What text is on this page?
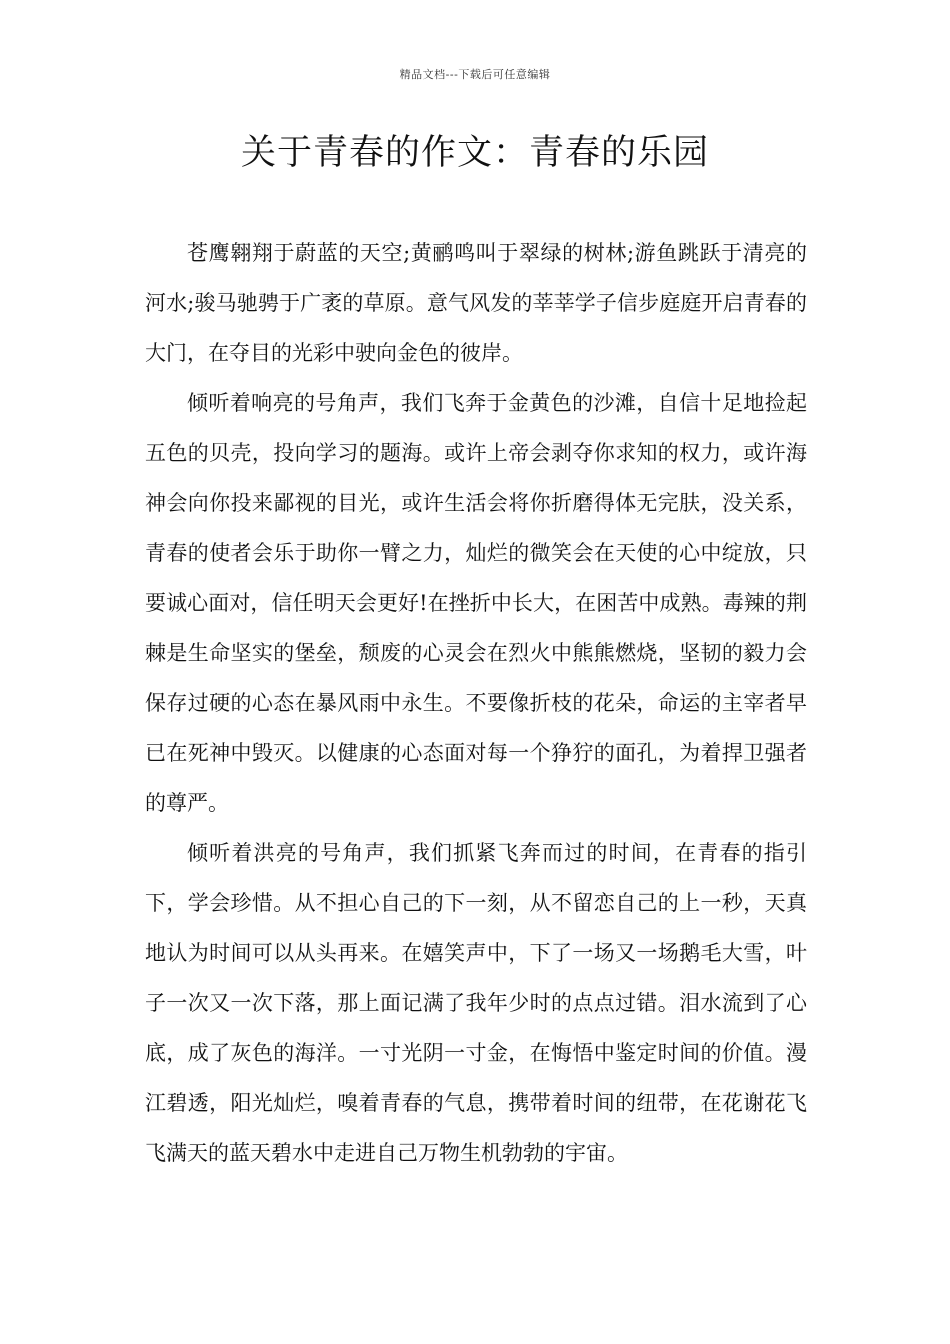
精品文档---下载后可任意编辑
关于青春的作文：青春的乐园

苍鹰翱翔于蔚蓝的天空;黄鹂鸣叫于翠绿的树林;游鱼跳跃于清亮的河水;骏马驰骋于广袤的草原。意气风发的莘莘学子信步庭庭开启青春的大门，在夺目的光彩中驶向金色的彼岸。

倾听着响亮的号角声，我们飞奔于金黄色的沙滩，自信十足地捡起五色的贝壳，投向学习的题海。或许上帝会剥夺你求知的权力，或许海神会向你投来鄙视的目光，或许生活会将你折磨得体无完肤，没关系，青春的使者会乐于助你一臂之力，灿烂的微笑会在天使的心中绽放，只要诚心面对，信任明天会更好!在挫折中长大，在困苦中成熟。毒辣的荆棘是生命坚实的堡垒，颓废的心灵会在烈火中熊熊燃烧，坚韧的毅力会保存过硬的心态在暴风雨中永生。不要像折枝的花朵，命运的主宰者早已在死神中毁灭。以健康的心态面对每一个狰狞的面孔，为着捍卫强者的尊严。

倾听着洪亮的号角声，我们抓紧飞奔而过的时间，在青春的指引下，学会珍惜。从不担心自己的下一刻，从不留恋自己的上一秒，天真地认为时间可以从头再来。在嬉笑声中，下了一场又一场鹅毛大雪，叶子一次又一次下落，那上面记满了我年少时的点点过错。泪水流到了心底，成了灰色的海洋。一寸光阴一寸金，在悔悟中鉴定时间的价值。漫江碧透，阳光灿烂，嗅着青春的气息，携带着时间的纽带，在花谢花飞飞满天的蓝天碧水中走进自己万物生机勃勃的宇宙。
